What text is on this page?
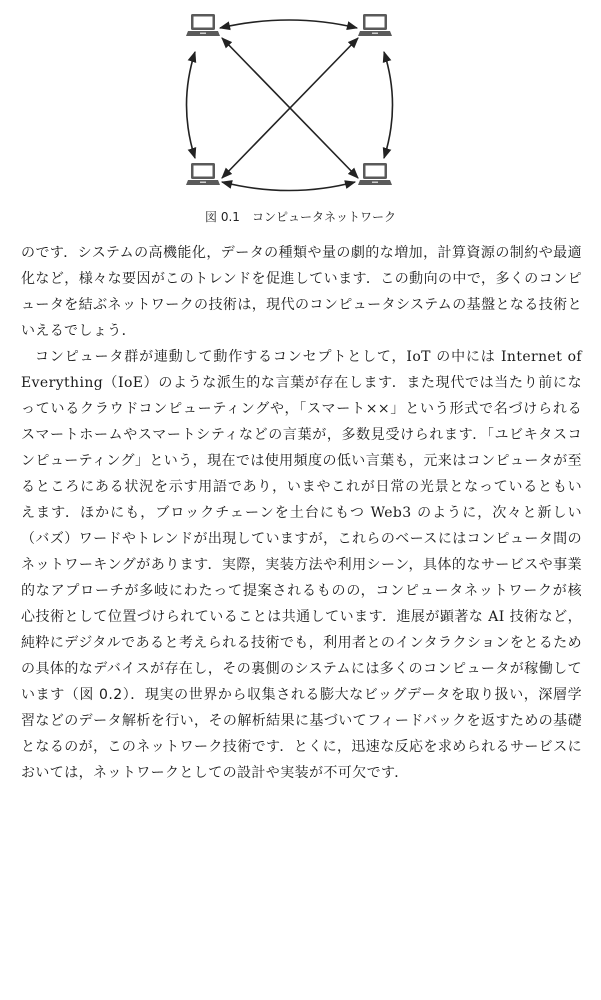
図 0.1 コンピュータネットワーク

のです．システムの高機能化，データの種類や量の劇的な増加，計算資源の制約や最適化など，様々な要因がこのトレンドを促進しています．この動向の中で，多くのコンピュータを結ぶネットワークの技術は，現代のコンピュータシステムの基盤となる技術といえるでしょう．

コンピュータ群が連動して動作するコンセプトとして，IoT の中には Internet of Everything（IoE）のような派生的な言葉が存在します．また現代では当たり前になっているクラウドコンピューティングや，「スマート××」という形式で名づけられるスマートホームやスマートシティなどの言葉が，多数見受けられます．「ユビキタスコンピューティング」という，現在では使用頻度の低い言葉も，元来はコンピュータが至るところにある状況を示す用語であり，いまやこれが日常の光景となっているともいえます．ほかにも，ブロックチェーンを土台にもつ Web3 のように，次々と新しい（バズ）ワードやトレンドが出現していますが，これらのベースにはコンピュータ間のネットワーキングがあります．実際，実装方法や利用シーン，具体的なサービスや事業的なアプローチが多岐にわたって提案されるものの，コンピュータネットワークが核心技術として位置づけられていることは共通しています．進展が顕著な AI 技術など，純粋にデジタルであると考えられる技術でも，利用者とのインタラクションをとるための具体的なデバイスが存在し，その裏側のシステムには多くのコンピュータが稼働しています（図 0.2）．現実の世界から収集される膨大なビッグデータを取り扱い，深層学習などのデータ解析を行い，その解析結果に基づいてフィードバックを返すための基礎となるのが，このネットワーク技術です．とくに，迅速な反応を求められるサービスにおいては，ネットワークとしての設計や実装が不可欠です．
